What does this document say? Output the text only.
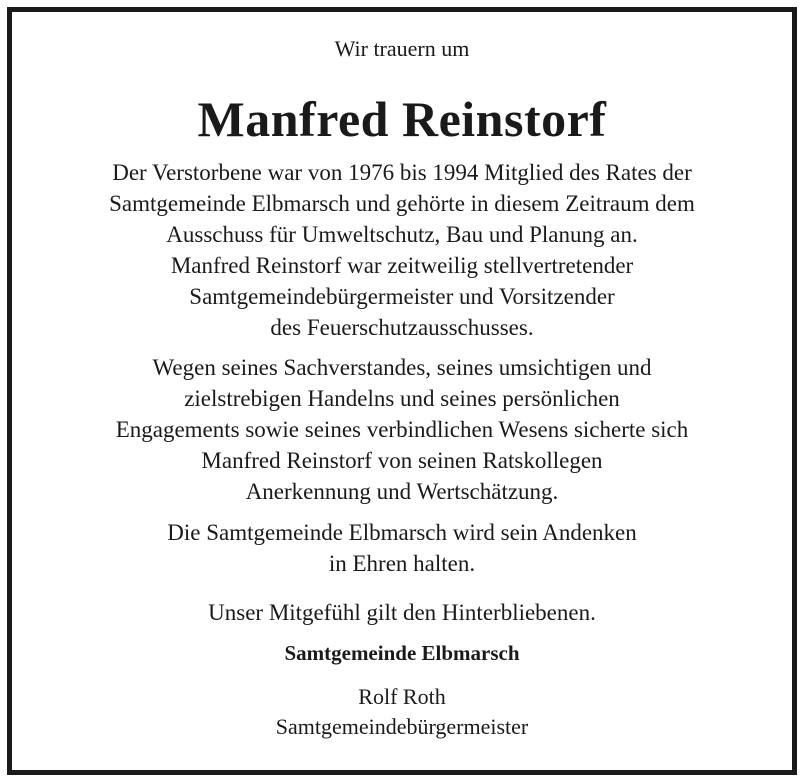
Wir trauern um
Manfred Reinstorf
Der Verstorbene war von 1976 bis 1994 Mitglied des Rates der
Samtgemeinde Elbmarsch und gehörte in diesem Zeitraum dem
Ausschuss für Umweltschutz, Bau und Planung an.
Manfred Reinstorf war zeitweilig stellvertretender
Samtgemeindebürgermeister und Vorsitzender
des Feuerschutzausschusses.
Wegen seines Sachverstandes, seines umsichtigen und
zielstrebigen Handelns und seines persönlichen
Engagements sowie seines verbindlichen Wesens sicherte sich
Manfred Reinstorf von seinen Ratskollegen
Anerkennung und Wertschätzung.
Die Samtgemeinde Elbmarsch wird sein Andenken
in Ehren halten.
Unser Mitgefühl gilt den Hinterbliebenen.
Samtgemeinde Elbmarsch
Rolf Roth
Samtgemeindebürgermeister
